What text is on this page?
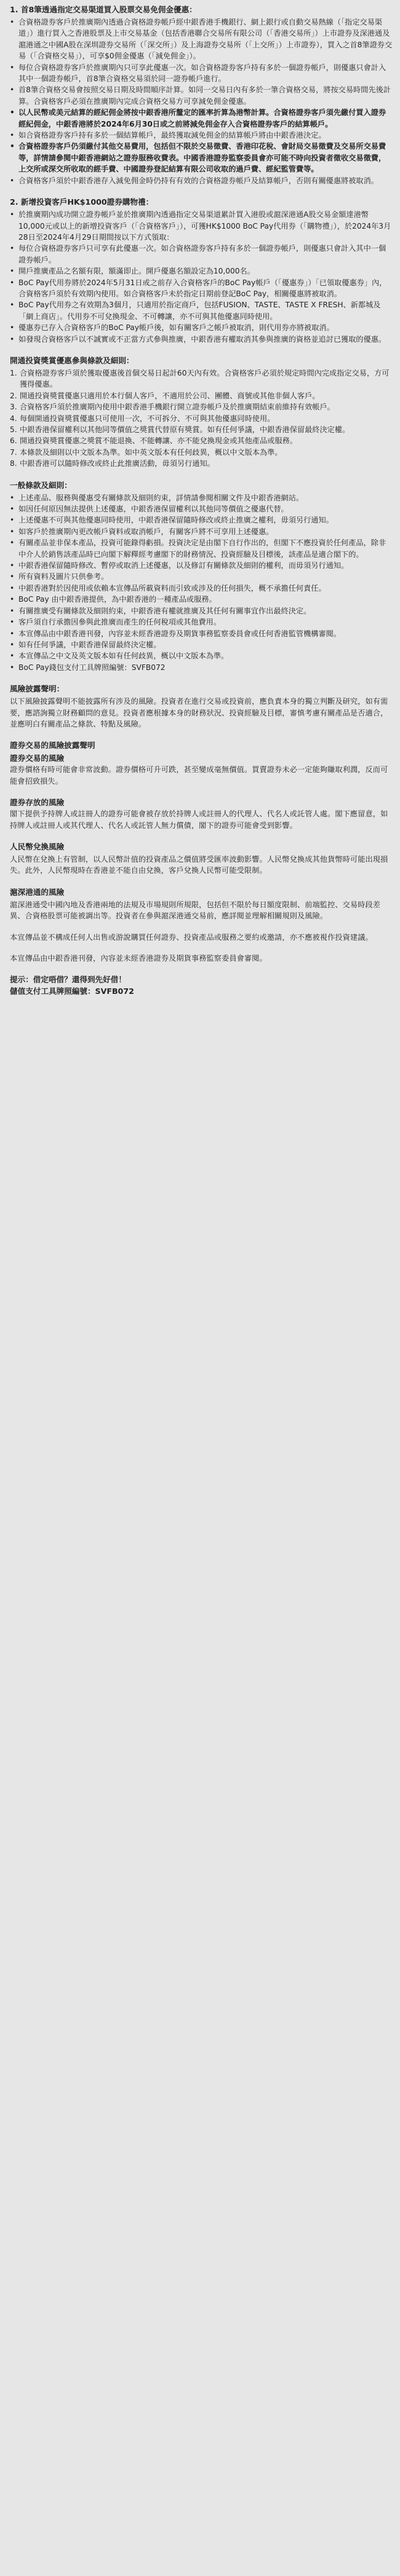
1. 首8筆透過指定交易渠道買入股票交易免佣金優惠：
• 合資格證券客戶於推廣期內透過合資格證券帳戶經中銀香港手機銀行、網上銀行或自動交易熱線（「指定交易渠道」）進行買入之香港股票及上市交易基金（包括香港聯合交易所有限公司（「香港交易所」）上市證券及深港通及滬港通之中國A股在深圳證券交易所（「深交所」）及上海證券交易所（「上交所」）上市證券），買入之首8筆證券交易（「合資格交易」），可享$0佣金優惠（「減免佣金」）。
• 每位合資格證券客戶於推廣期內只可享此優惠一次。如合資格證券客戶持有多於一個證券帳戶，則優惠只會計入其中一個證券帳戶，首8筆合資格交易須於同一證券帳戶進行。
• 首8筆合資格交易會按照交易日期及時間順序計算。如同一交易日內有多於一筆合資格交易，將按交易時間先後計算。合資格客戶必須在推廣期內完成合資格交易方可享減免佣金優惠。
• 以人民幣或美元結算的經紀佣金將按中銀香港所釐定的匯率折算為港幣計算。合資格證券客戶須先繳付買入證券經紀佣金，中銀香港將於2024年6月30日或之前將減免佣金存入合資格證券客戶的結算帳戶。
• 如合資格證券客戶持有多於一個結算帳戶，最終獲取減免佣金的結算帳戶將由中銀香港決定。
• 合資格證券客戶仍須繳付其他交易費用，包括但不限於交易徵費、香港印花稅、會財局交易徵費及交易所交易費等，詳情請參閱中銀香港網站之證券服務收費表。中國香港證券監察委員會亦可能不時向投資者徵收交易徵費，上交所或深交所收取的經手費、中國證券登記結算有限公司收取的過戶費、經紀監管費等。
• 合資格客戶須於中銀香港存入減免佣金時仍持有有效的合資格證券帳戶及結算帳戶，否則有關優惠將被取消。
2. 新增投資客戶HK$1000證券購物禮：
• 於推廣期內成功開立證券帳戶並於推廣期內透過指定交易渠道累計買入港股或滬深港通A股交易金額達港幣10,000元或以上的新增投資客戶（「合資格客戶」），可獲HK$1000 BoC Pay代用券（「購物禮」），於2024年3月28日至2024年4月29日期間按以下方式領取：
• 每位合資格證券客戶只可享有此優惠一次。如合資格證券客戶持有多於一個證券帳戶，則優惠只會計入其中一個證券帳戶。
• 開戶推廣產品之名額有限，額滿即止。開戶優惠名額設定為10,000名。
• BoC Pay代用券將於2024年5月31日或之前存入合資格客戶的BoC Pay帳戶（「優惠券」）「已領取優惠券」內，合資格客戶須於有效期內使用。如合資格客戶未於指定日期前登記BoC Pay，相關優惠將被取消。
• BoC Pay代用券之有效期為3個月，只適用於指定商戶，包括FUSION、TASTE、TASTE X FRESH、新都城及「網上商店」。代用券不可兌換現金、不可轉讓，亦不可與其他優惠同時使用。
• 優惠券已存入合資格客戶的BoC Pay帳戶後，如有關客戶之帳戶被取消，則代用券亦將被取消。
• 如發現合資格客戶以不誠實或不正當方式參與推廣，中銀香港有權取消其參與推廣的資格並追討已獲取的優惠。
開通投資獎賞優惠參與條款及細則：
1. 合資格證券客戶須於獲取優惠後首個交易日起計60天內有效。合資格客戶必須於規定時間內完成指定交易，方可獲得優惠。
2. 開通投資獎賞優惠只適用於本行個人客戶，不適用於公司、團體、商號或其他非個人客戶。
3. 合資格客戶須於推廣期內使用中銀香港手機銀行開立證券帳戶及於推廣期結束前維持有效帳戶。
4. 每個開通投資獎賞優惠只可使用一次，不可拆分、不可與其他優惠同時使用。
5. 中銀香港保留權利以其他同等價值之獎賞代替原有獎賞。如有任何爭議，中銀香港保留最終決定權。
6. 開通投資獎賞優惠之獎賞不能退換、不能轉讓、亦不能兌換現金或其他產品或服務。
7. 本條款及細則以中文版本為準。如中英文版本有任何歧異，概以中文版本為準。
8. 中銀香港可以隨時修改或終止此推廣活動，毋須另行通知。
一般條款及細則：
• 上述產品、服務與優惠受有關條款及細則約束，詳情請參閱相關文件及中銀香港網站。
• 如因任何原因無法提供上述優惠，中銀香港保留權利以其他同等價值之優惠代替。
• 上述優惠不可與其他優惠同時使用，中銀香港保留隨時修改或終止推廣之權利，毋須另行通知。
• 如客戶於推廣期內更改帳戶資料或取消帳戶，有關客戶將不可享用上述優惠。
• 有關產品並非保本產品，投資可能錄得虧損。投資決定是由閣下自行作出的，但閣下不應投資於任何產品，除非中介人於銷售該產品時已向閣下解釋經考慮閣下的財務情況、投資經驗及目標後，該產品是適合閣下的。
• 中銀香港保留隨時修改、暫停或取消上述優惠，以及修訂有關條款及細則的權利，而毋須另行通知。
• 所有資料及圖片只供參考。
• 中銀香港對於因使用或依賴本宣傳品所載資料而引致或涉及的任何損失，概不承擔任何責任。
• BoC Pay 由中銀香港提供，為中銀香港的一種產品或服務。
• 有關推廣受有關條款及細則約束，中銀香港有權就推廣及其任何有關事宜作出最終決定。
• 客戶須自行承擔因參與此推廣而產生的任何稅項或其他費用。
• 本宣傳品由中銀香港刊發，內容並未經香港證券及期貨事務監察委員會或任何香港監管機構審閱。
• 如有任何爭議，中銀香港保留最終決定權。
• 本宣傳品之中文及英文版本如有任何歧異，概以中文版本為準。
• BoC Pay錢包支付工具牌照編號：SVFB072
風險披露聲明：
以下風險披露聲明不能披露所有涉及的風險。投資者在進行交易或投資前，應負責本身的獨立判斷及研究，如有需要，應諮詢獨立財務顧問的意見。投資者應根據本身的財務狀況、投資經驗及目標，審慎考慮有關產品是否適合，並應明白有關產品之條款、特點及風險。
證券交易的風險披露聲明
證券交易的風險
證券價格有時可能會非常波動。證券價格可升可跌，甚至變成毫無價值。買賣證券未必一定能夠賺取利潤，反而可能會招致損失。
證券存放的風險
閣下提供予持牌人或註冊人的證券可能會被存放於持牌人或註冊人的代理人、代名人或託管人處。閣下應留意，如持牌人或註冊人或其代理人、代名人或託管人無力償債，閣下的證券可能會受到影響。
人民幣兌換風險
人民幣在兌換上有管制，以人民幣計值的投資產品之價值將受匯率波動影響。人民幣兌換成其他貨幣時可能出現損失。此外，人民幣現時在香港並不能自由兌換，客戶兌換人民幣可能受限制。
滬深港通的風險
滬深港通受中國內地及香港兩地的法規及市場規則所規限，包括但不限於每日額度限制、前端監控、交易時段差異、合資格股票可能被調出等。投資者在參與滬深港通交易前，應詳閱並理解相關規則及風險。
本宣傳品並不構成任何人出售或游說購買任何證券、投資產品或服務之要約或邀請，亦不應被視作投資建議。
本宣傳品由中銀香港刊發，內容並未經香港證券及期貨事務監察委員會審閱。
提示：借定唔借？還得到先好借！
儲值支付工具牌照編號：SVFB072
